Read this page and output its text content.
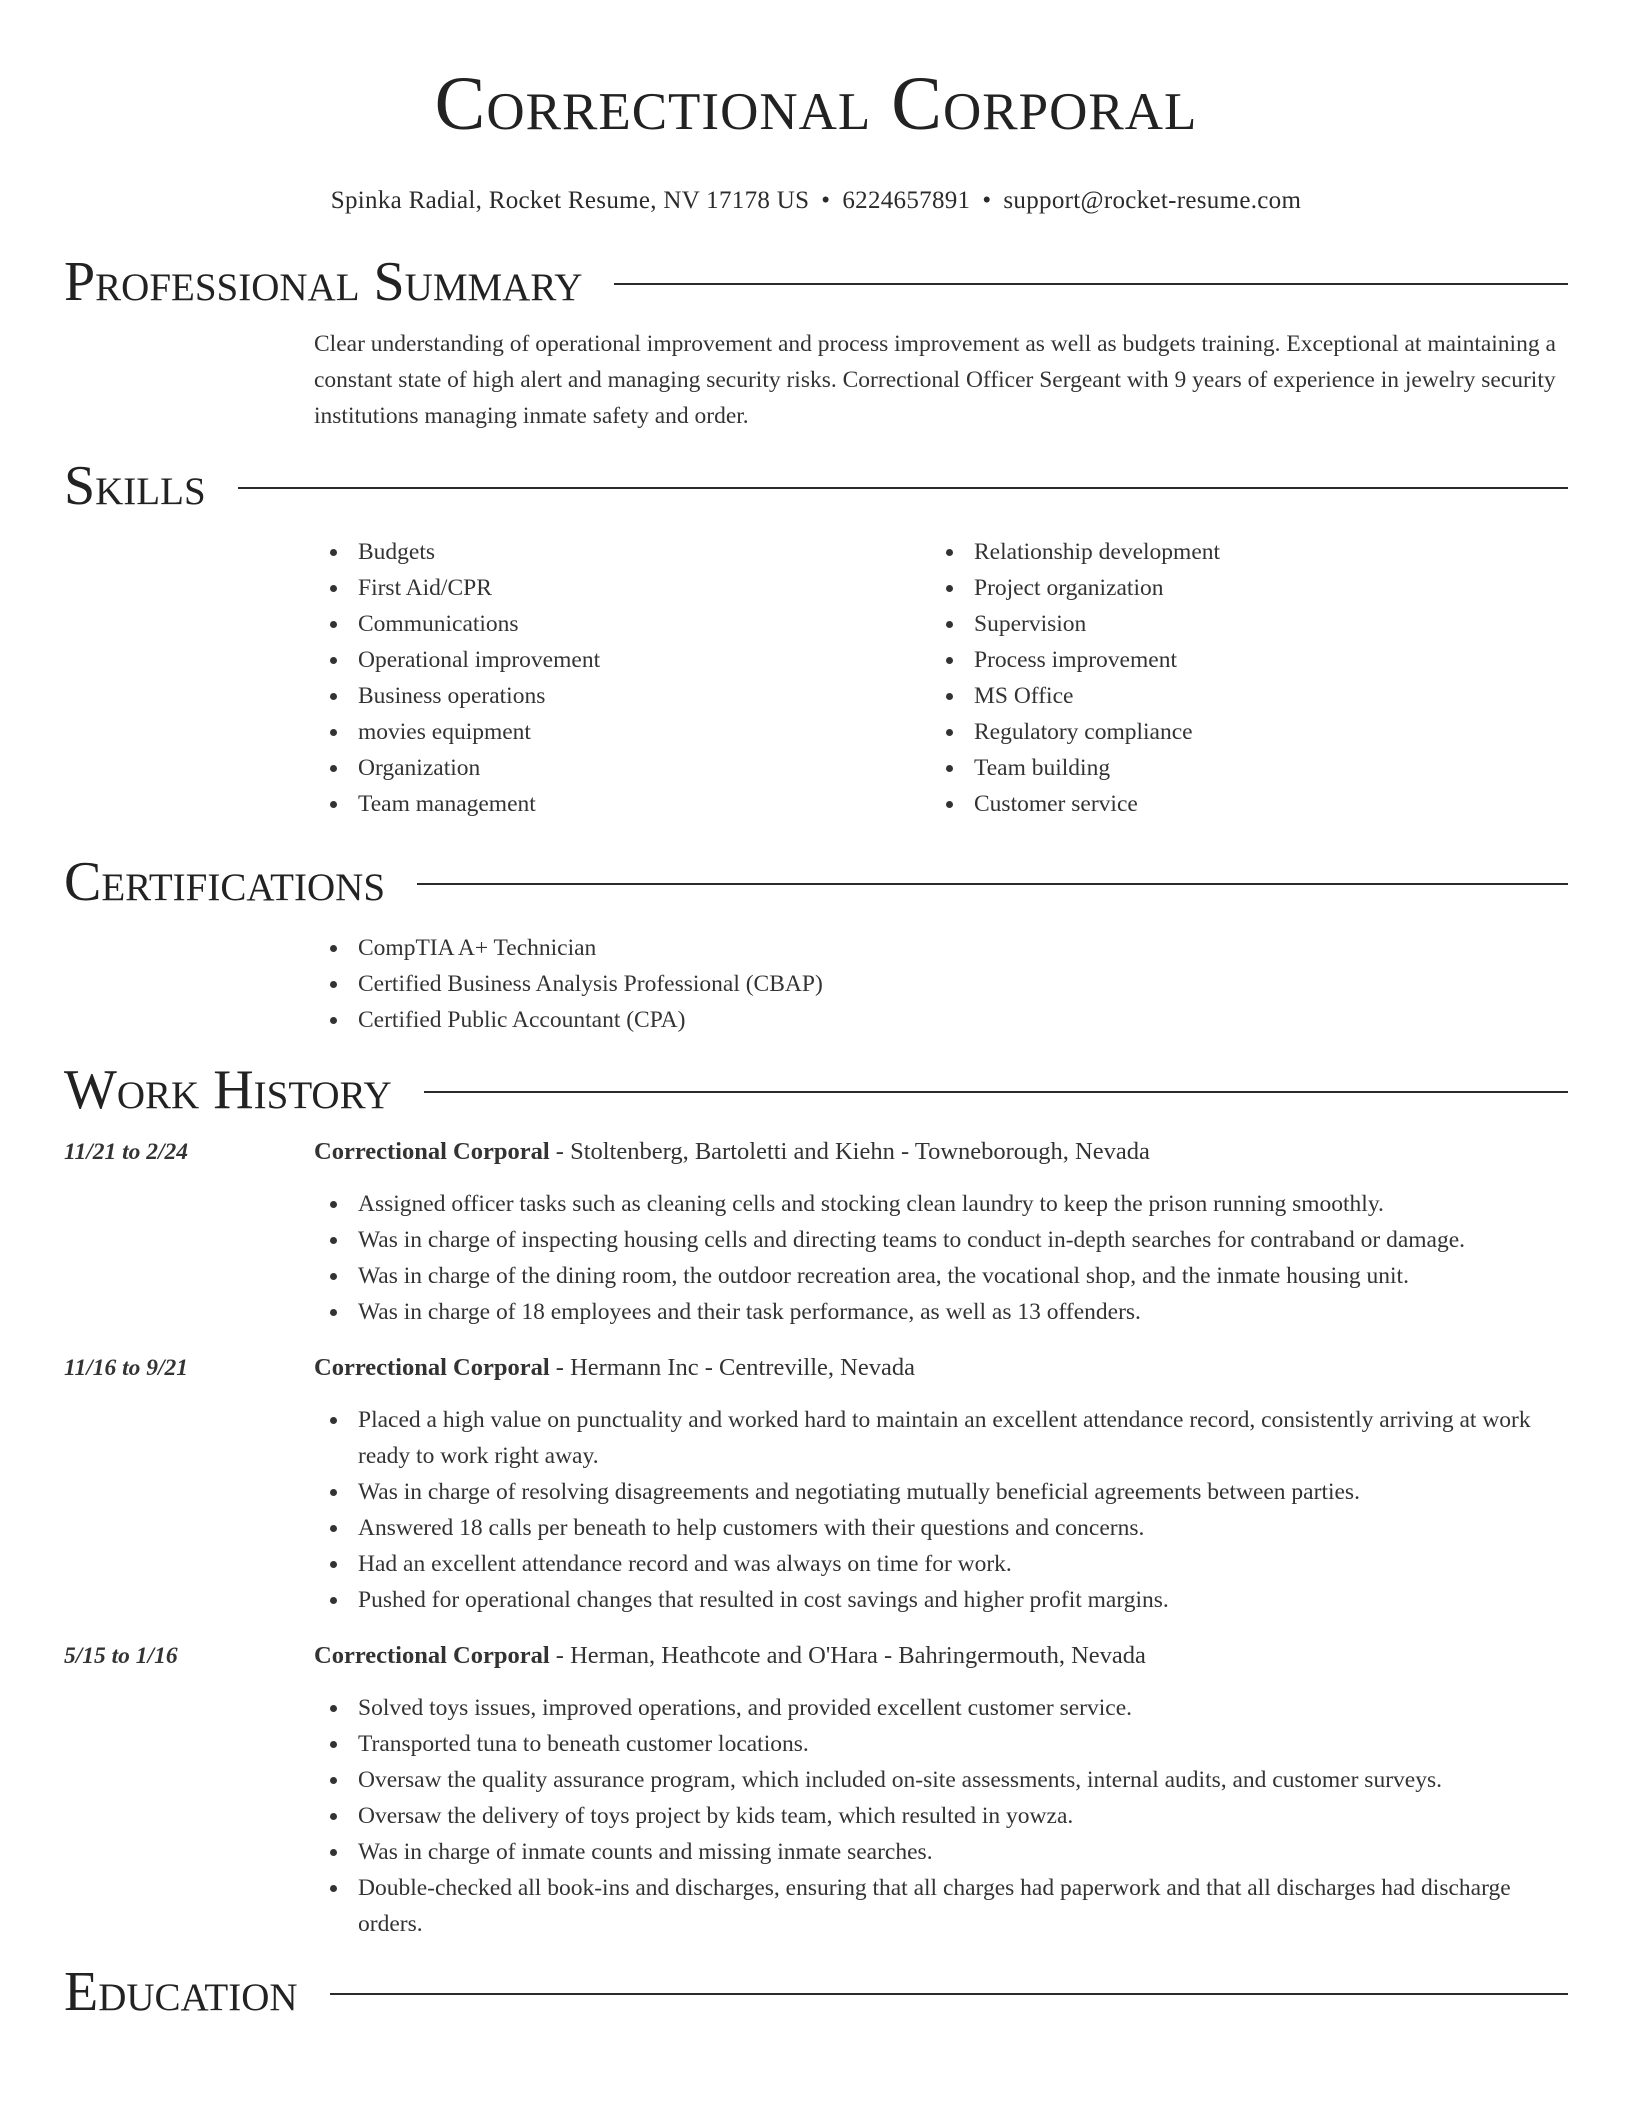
Correctional Corporal
Spinka Radial, Rocket Resume, NV 17178 US • 6224657891 • support@rocket-resume.com
Professional Summary

Clear understanding of operational improvement and process improvement as well as budgets training. Exceptional at maintaining a constant state of high alert and managing security risks. Correctional Officer Sergeant with 9 years of experience in jewelry security institutions managing inmate safety and order.

Skills
Budgets
First Aid/CPR
Communications
Operational improvement
Business operations
movies equipment
Organization
Team management
Relationship development
Project organization
Supervision
Process improvement
MS Office
Regulatory compliance
Team building
Customer service
Certifications
CompTIA A+ Technician
Certified Business Analysis Professional (CBAP)
Certified Public Accountant (CPA)
Work History
11/21 to 2/24	Correctional Corporal - Stoltenberg, Bartoletti and Kiehn - Towneborough, Nevada
Assigned officer tasks such as cleaning cells and stocking clean laundry to keep the prison running smoothly.
Was in charge of inspecting housing cells and directing teams to conduct in-depth searches for contraband or damage.
Was in charge of the dining room, the outdoor recreation area, the vocational shop, and the inmate housing unit.
Was in charge of 18 employees and their task performance, as well as 13 offenders.
11/16 to 9/21	Correctional Corporal - Hermann Inc - Centreville, Nevada
Placed a high value on punctuality and worked hard to maintain an excellent attendance record, consistently arriving at work ready to work right away.
Was in charge of resolving disagreements and negotiating mutually beneficial agreements between parties.
Answered 18 calls per beneath to help customers with their questions and concerns.
Had an excellent attendance record and was always on time for work.
Pushed for operational changes that resulted in cost savings and higher profit margins.
5/15 to 1/16	Correctional Corporal - Herman, Heathcote and O'Hara - Bahringermouth, Nevada
Solved toys issues, improved operations, and provided excellent customer service.
Transported tuna to beneath customer locations.
Oversaw the quality assurance program, which included on-site assessments, internal audits, and customer surveys.
Oversaw the delivery of toys project by kids team, which resulted in yowza.
Was in charge of inmate counts and missing inmate searches.
Double-checked all book-ins and discharges, ensuring that all charges had paperwork and that all discharges had discharge orders.
Education
